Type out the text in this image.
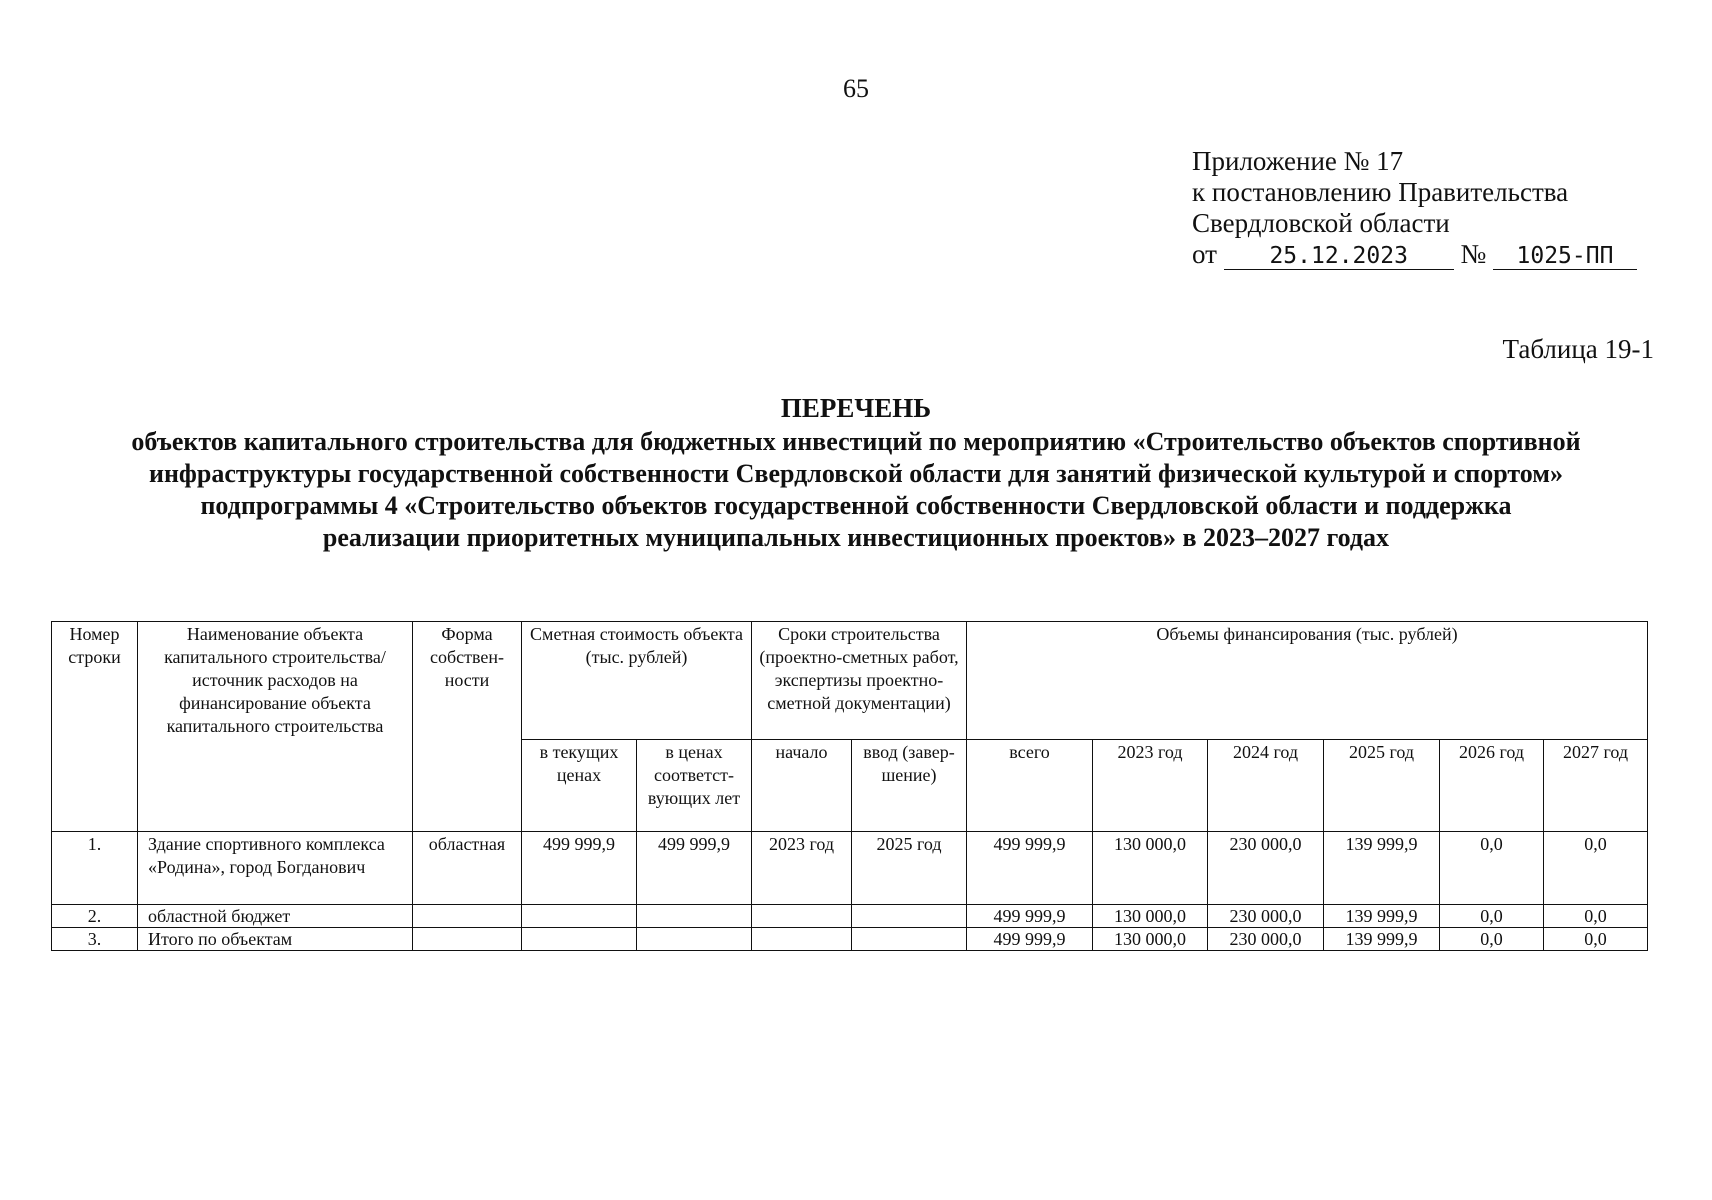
65
Приложение № 17
к постановлению Правительства
Свердловской области
от 25.12.2023 № 1025-ПП
Таблица 19-1
ПЕРЕЧЕНЬ
объектов капитального строительства для бюджетных инвестиций по мероприятию «Строительство объектов спортивной
инфраструктуры государственной собственности Свердловской области для занятий физической культурой и спортом»
подпрограммы 4 «Строительство объектов государственной собственности Свердловской области и поддержка
реализации приоритетных муниципальных инвестиционных проектов» в 2023–2027 годах
Номер строки	Наименование объекта капитального строительства/ источник расходов на финансирование объекта капитального строительства	Форма собствен-ности	Сметная стоимость объекта (тыс. рублей)		Сроки строительства (проектно-сметных работ, экспертизы проектно-сметной документации)		Объемы финансирования (тыс. рублей)					
			в текущих ценах	в ценах соответст-вующих лет	начало	ввод (завер-шение)	всего	2023 год	2024 год	2025 год	2026 год	2027 год
1.	Здание спортивного комплекса «Родина», город Богданович	областная	499 999,9	499 999,9	2023 год	2025 год	499 999,9	130 000,0	230 000,0	139 999,9	0,0	0,0
2.	областной бюджет						499 999,9	130 000,0	230 000,0	139 999,9	0,0	0,0
3.	Итого по объектам						499 999,9	130 000,0	230 000,0	139 999,9	0,0	0,0
